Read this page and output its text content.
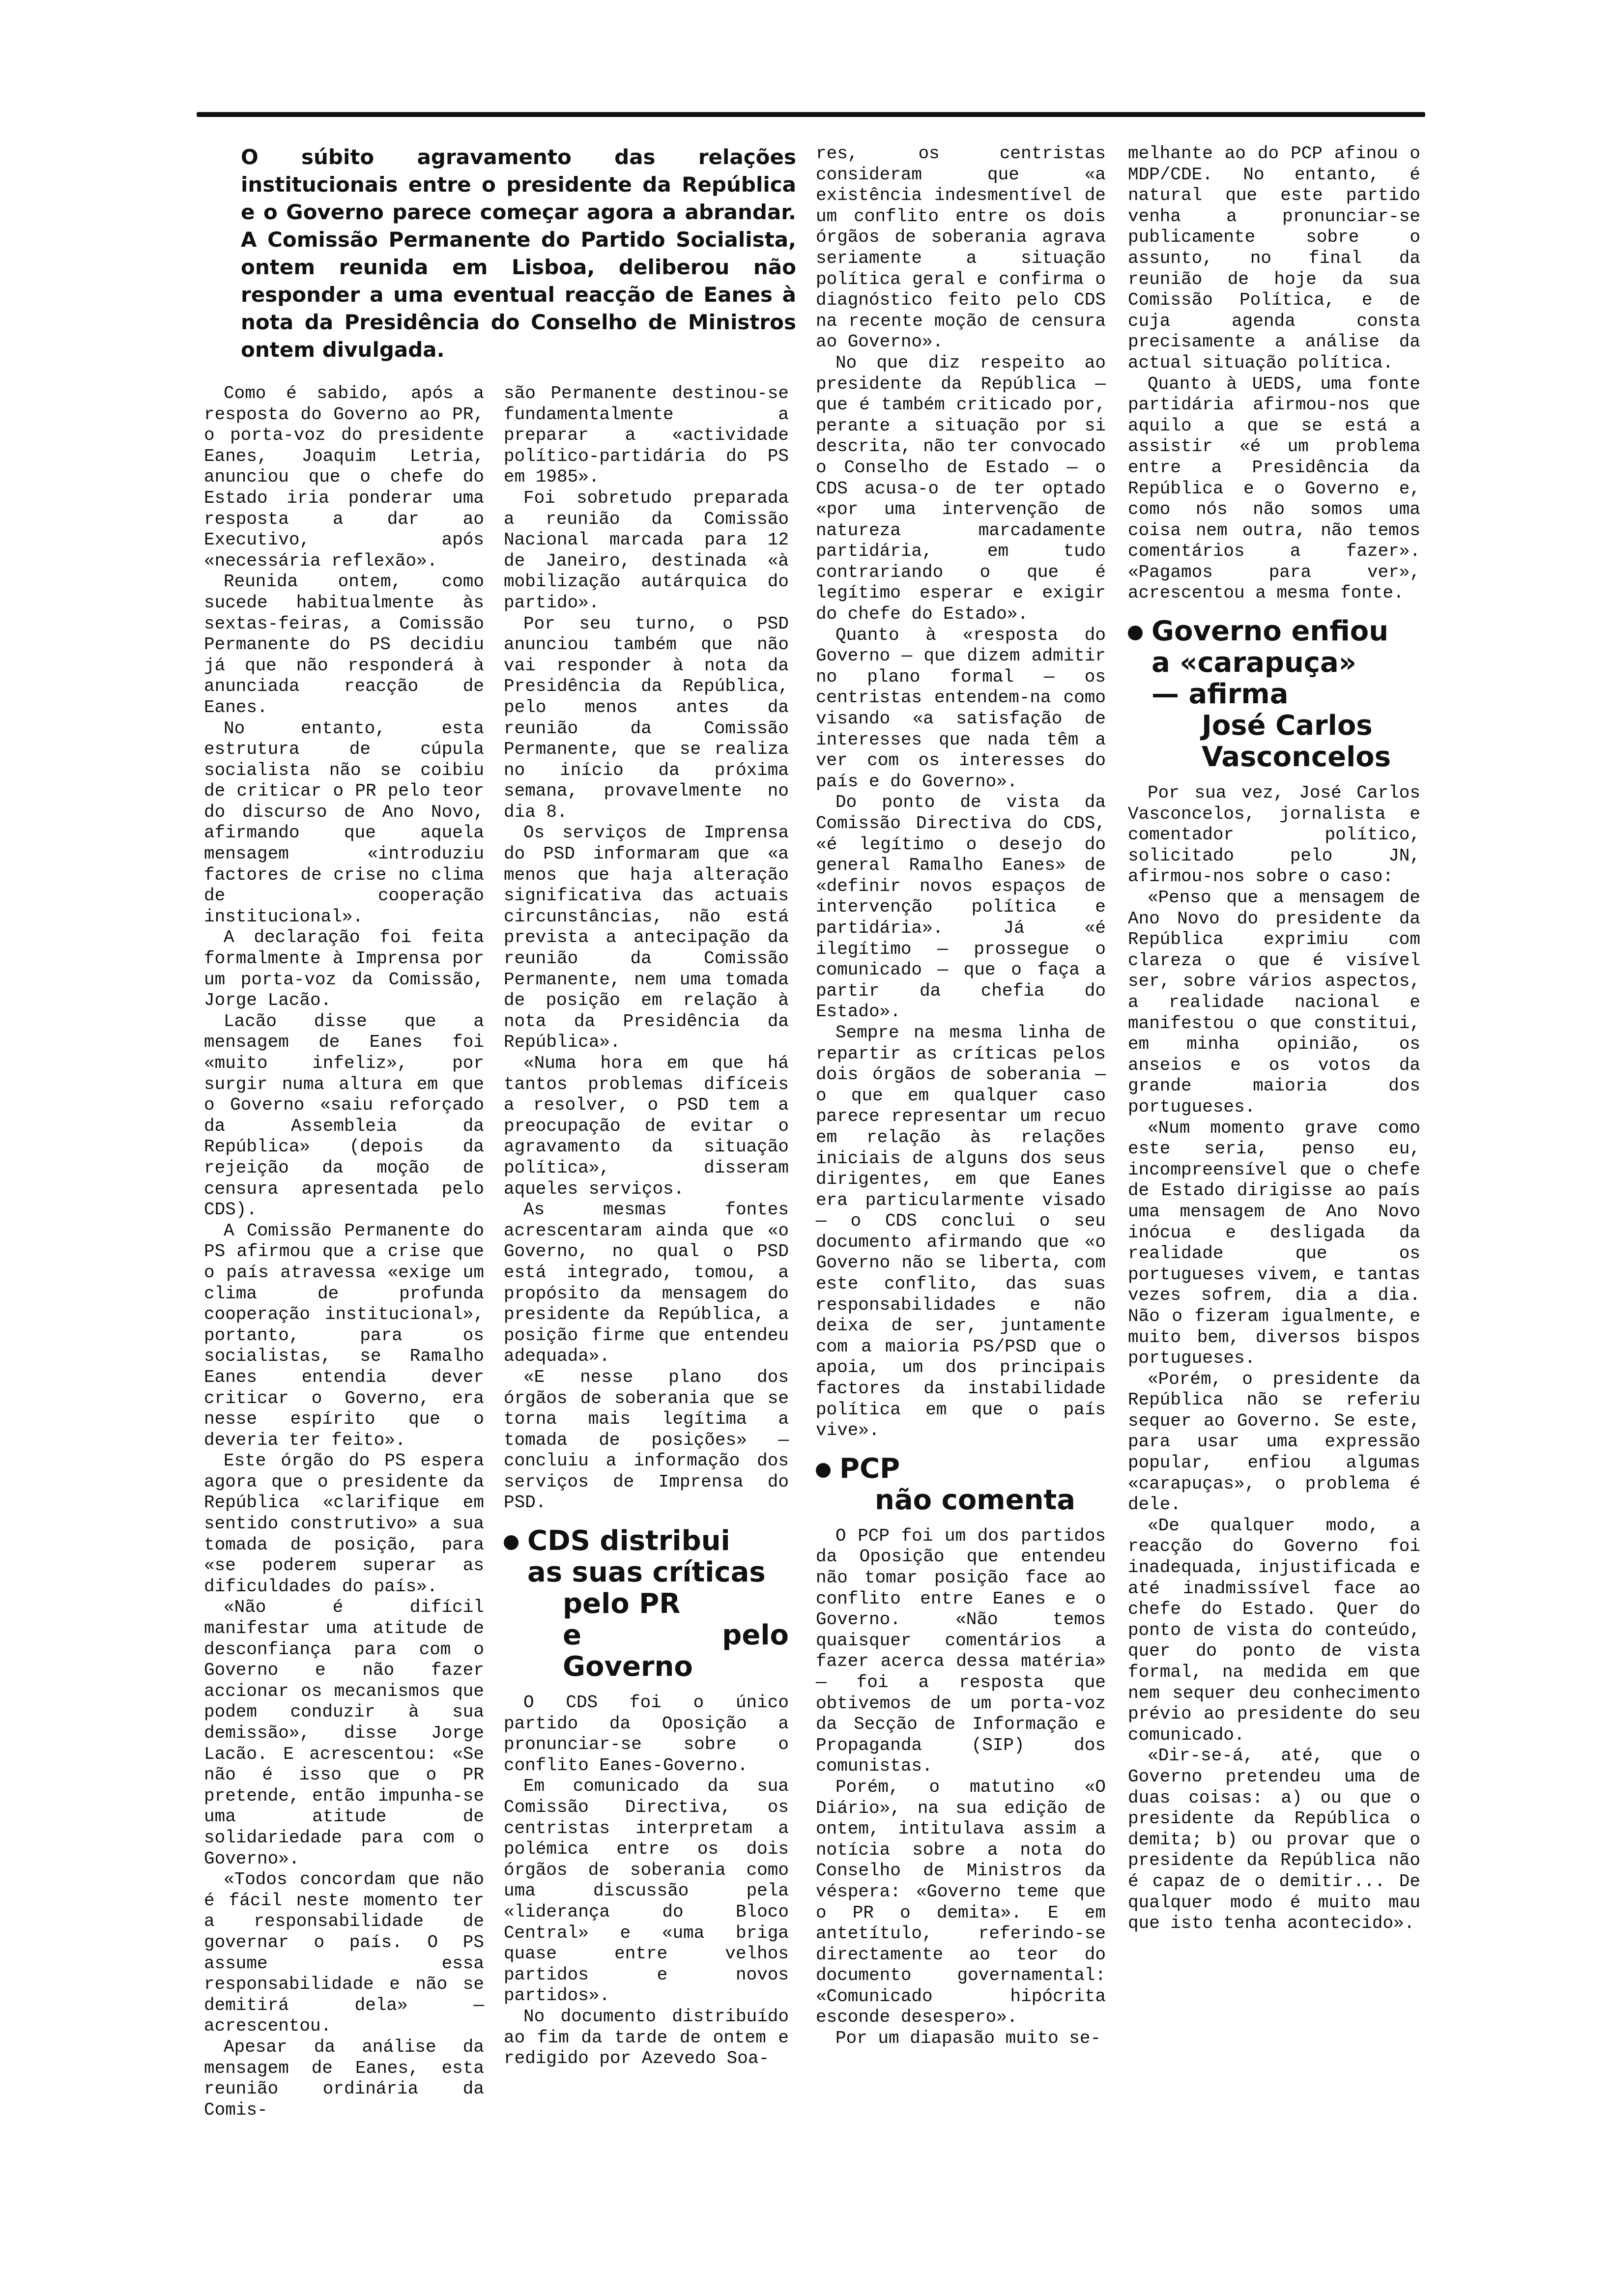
O súbito agravamento das relações institucionais entre o presidente da República e o Governo parece começar agora a abrandar. A Comissão Permanente do Partido Socialista, ontem reunida em Lisboa, deliberou não responder a uma eventual reacção de Eanes à nota da Presidência do Conselho de Ministros ontem divulgada.

Como é sabido, após a resposta do Governo ao PR, o porta-voz do presidente Eanes, Joaquim Letria, anunciou que o chefe do Estado iria ponderar uma resposta a dar ao Executivo, após «necessária reflexão».

Reunida ontem, como sucede habitualmente às sextas-feiras, a Comissão Permanente do PS decidiu já que não responderá à anunciada reacção de Eanes.

No entanto, esta estrutura de cúpula socialista não se coibiu de criticar o PR pelo teor do discurso de Ano Novo, afirmando que aquela mensagem «introduziu factores de crise no clima de cooperação institucional».

A declaração foi feita formalmente à Imprensa por um porta-voz da Comissão, Jorge Lacão.

Lacão disse que a mensagem de Eanes foi «muito infeliz», por surgir numa altura em que o Governo «saiu reforçado da Assembleia da República» (depois da rejeição da moção de censura apresentada pelo CDS).

A Comissão Permanente do PS afirmou que a crise que o país atravessa «exige um clima de profunda cooperação institucional», portanto, para os socialistas, se Ramalho Eanes entendia dever criticar o Governo, era nesse espírito que o deveria ter feito».

Este órgão do PS espera agora que o presidente da República «clarifique em sentido construtivo» a sua tomada de posição, para «se poderem superar as dificuldades do país».

«Não é difícil manifestar uma atitude de desconfiança para com o Governo e não fazer accionar os mecanismos que podem conduzir à sua demissão», disse Jorge Lacão. E acrescentou: «Se não é isso que o PR pretende, então impunha-se uma atitude de solidariedade para com o Governo».

«Todos concordam que não é fácil neste momento ter a responsabilidade de governar o país. O PS assume essa responsabilidade e não se demitirá dela» — acrescentou.

Apesar da análise da mensagem de Eanes, esta reunião ordinária da Comis-

são Permanente destinou-se fundamentalmente a preparar a «actividade político-partidária do PS em 1985».

Foi sobretudo preparada a reunião da Comissão Nacional marcada para 12 de Janeiro, destinada «à mobilização autárquica do partido».

Por seu turno, o PSD anunciou também que não vai responder à nota da Presidência da República, pelo menos antes da reunião da Comissão Permanente, que se realiza no início da próxima semana, provavelmente no dia 8.

Os serviços de Imprensa do PSD informaram que «a menos que haja alteração significativa das actuais circunstâncias, não está prevista a antecipação da reunião da Comissão Permanente, nem uma tomada de posição em relação à nota da Presidência da República».

«Numa hora em que há tantos problemas difíceis a resolver, o PSD tem a preocupação de evitar o agravamento da situação política», disseram aqueles serviços.

As mesmas fontes acrescentaram ainda que «o Governo, no qual o PSD está integrado, tomou, a propósito da mensagem do presidente da República, a posição firme que entendeu adequada».

«E nesse plano dos órgãos de soberania que se torna mais legítima a tomada de posições» — concluiu a informação dos serviços de Imprensa do PSD.

CDS distribui
as suas críticas
pelo PR
e pelo Governo

O CDS foi o único partido da Oposição a pronunciar-se sobre o conflito Eanes-Governo.

Em comunicado da sua Comissão Directiva, os centristas interpretam a polémica entre os dois órgãos de soberania como uma discussão pela «liderança do Bloco Central» e «uma briga quase entre velhos partidos e novos partidos».

No documento distribuído ao fim da tarde de ontem e redigido por Azevedo Soa-

res, os centristas consideram que «a existência indesmentível de um conflito entre os dois órgãos de soberania agrava seriamente a situação política geral e confirma o diagnóstico feito pelo CDS na recente moção de censura ao Governo».

No que diz respeito ao presidente da República — que é também criticado por, perante a situação por si descrita, não ter convocado o Conselho de Estado — o CDS acusa-o de ter optado «por uma intervenção de natureza marcadamente partidária, em tudo contrariando o que é legítimo esperar e exigir do chefe do Estado».

Quanto à «resposta do Governo — que dizem admitir no plano formal — os centristas entendem-na como visando «a satisfação de interesses que nada têm a ver com os interesses do país e do Governo».

Do ponto de vista da Comissão Directiva do CDS, «é legítimo o desejo do general Ramalho Eanes» de «definir novos espaços de intervenção política e partidária». Já «é ilegítimo — prossegue o comunicado — que o faça a partir da chefia do Estado».

Sempre na mesma linha de repartir as críticas pelos dois órgãos de soberania — o que em qualquer caso parece representar um recuo em relação às relações iniciais de alguns dos seus dirigentes, em que Eanes era particularmente visado — o CDS conclui o seu documento afirmando que «o Governo não se liberta, com este conflito, das suas responsabilidades e não deixa de ser, juntamente com a maioria PS/PSD que o apoia, um dos principais factores da instabilidade política em que o país vive».

PCP
não comenta

O PCP foi um dos partidos da Oposição que entendeu não tomar posição face ao conflito entre Eanes e o Governo. «Não temos quaisquer comentários a fazer acerca dessa matéria» — foi a resposta que obtivemos de um porta-voz da Secção de Informação e Propaganda (SIP) dos comunistas.

Porém, o matutino «O Diário», na sua edição de ontem, intitulava assim a notícia sobre a nota do Conselho de Ministros da véspera: «Governo teme que o PR o demita». E em antetítulo, referindo-se directamente ao teor do documento governamental: «Comunicado hipócrita esconde desespero».

Por um diapasão muito se-

melhante ao do PCP afinou o MDP/CDE. No entanto, é natural que este partido venha a pronunciar-se publicamente sobre o assunto, no final da reunião de hoje da sua Comissão Política, e de cuja agenda consta precisamente a análise da actual situação política.

Quanto à UEDS, uma fonte partidária afirmou-nos que aquilo a que se está a assistir «é um problema entre a Presidência da República e o Governo e, como nós não somos uma coisa nem outra, não temos comentários a fazer». «Pagamos para ver», acrescentou a mesma fonte.

Governo enfiou
a «carapuça»
— afirma
José Carlos
Vasconcelos

Por sua vez, José Carlos Vasconcelos, jornalista e comentador político, solicitado pelo JN, afirmou-nos sobre o caso:

«Penso que a mensagem de Ano Novo do presidente da República exprimiu com clareza o que é visível ser, sobre vários aspectos, a realidade nacional e manifestou o que constitui, em minha opinião, os anseios e os votos da grande maioria dos portugueses.

«Num momento grave como este seria, penso eu, incompreensível que o chefe de Estado dirigisse ao país uma mensagem de Ano Novo inócua e desligada da realidade que os portugueses vivem, e tantas vezes sofrem, dia a dia. Não o fizeram igualmente, e muito bem, diversos bispos portugueses.

«Porém, o presidente da República não se referiu sequer ao Governo. Se este, para usar uma expressão popular, enfiou algumas «carapuças», o problema é dele.

«De qualquer modo, a reacção do Governo foi inadequada, injustificada e até inadmissível face ao chefe do Estado. Quer do ponto de vista do conteúdo, quer do ponto de vista formal, na medida em que nem sequer deu conhecimento prévio ao presidente do seu comunicado.

«Dir-se-á, até, que o Governo pretendeu uma de duas coisas: a) ou que o presidente da República o demita; b) ou provar que o presidente da República não é capaz de o demitir... De qualquer modo é muito mau que isto tenha acontecido».
